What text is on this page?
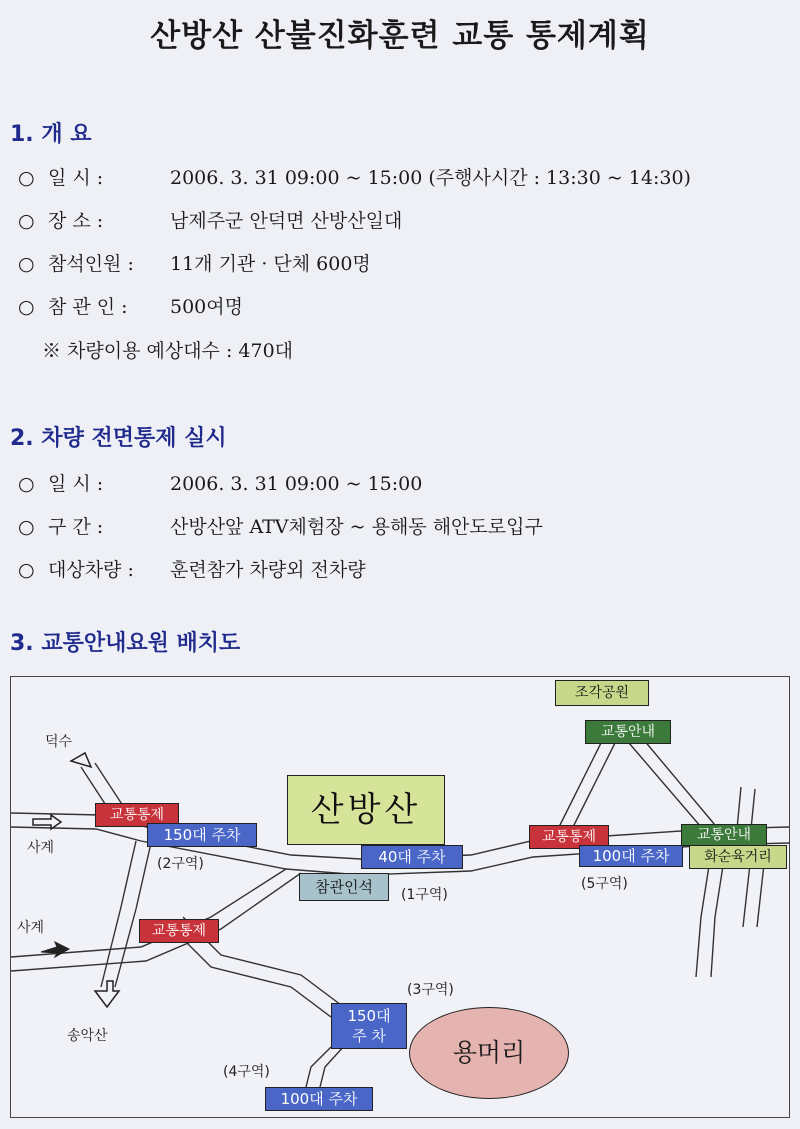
산방산 산불진화훈련 교통 통제계획
1. 개 요
○ 일 시 :	2006. 3. 31 09:00 ~ 15:00 (주행사시간 : 13:30 ~ 14:30)
○ 장 소 :	남제주군 안덕면 산방산일대
○ 참석인원 : 11개 기관 · 단체 600명
○ 참 관 인 : 500여명
※ 차량이용 예상대수 : 470대
2. 차량 전면통제 실시
○ 일 시 :	2006. 3. 31 09:00 ~ 15:00
○ 구 간 :	산방산앞 ATV체험장 ~ 용해동 해안도로입구
○ 대상차량 : 훈련참가 차량외 전차량
3. 교통안내요원 배치도
산방산
용머리
조각공원
교통안내
교통안내
화순육거리
교통통제
교통통제
교통통제
150대 주차
40대 주차	100대 주차
150대
주 차
100대 주차
참관인석	(1구역)
(2구역)
(3구역)
(4구역)
(5구역)
덕수
사계
사계
송악산
